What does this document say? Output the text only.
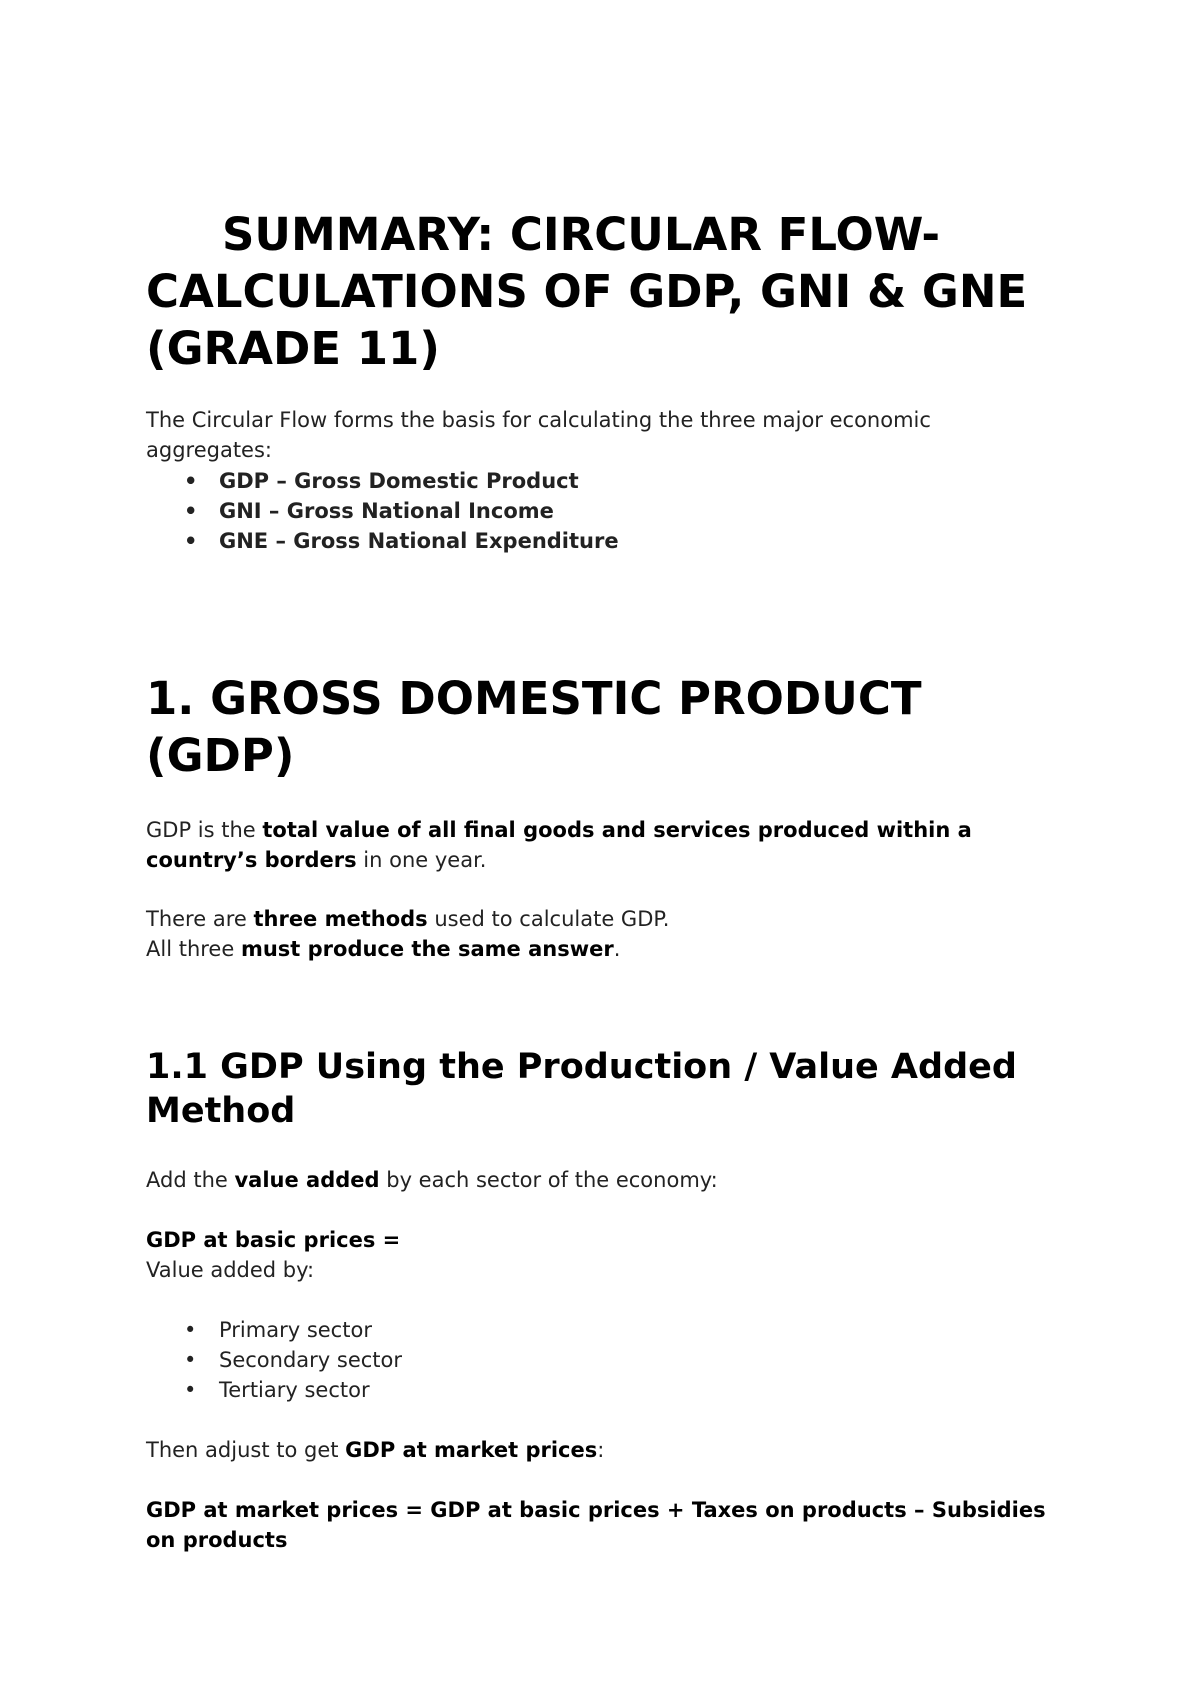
SUMMARY: CIRCULAR FLOW- CALCULATIONS OF GDP, GNI & GNE (GRADE 11)

The Circular Flow forms the basis for calculating the three major economic aggregates:

• GDP – Gross Domestic Product
• GNI – Gross National Income
• GNE – Gross National Expenditure
1. GROSS DOMESTIC PRODUCT (GDP)

GDP is the total value of all final goods and services produced within a country’s borders in one year.

There are three methods used to calculate GDP.
All three must produce the same answer.

1.1 GDP Using the Production / Value Added Method

Add the value added by each sector of the economy:

GDP at basic prices =
Value added by:

• Primary sector
• Secondary sector
• Tertiary sector

Then adjust to get GDP at market prices:

GDP at market prices = GDP at basic prices + Taxes on products – Subsidies on products
